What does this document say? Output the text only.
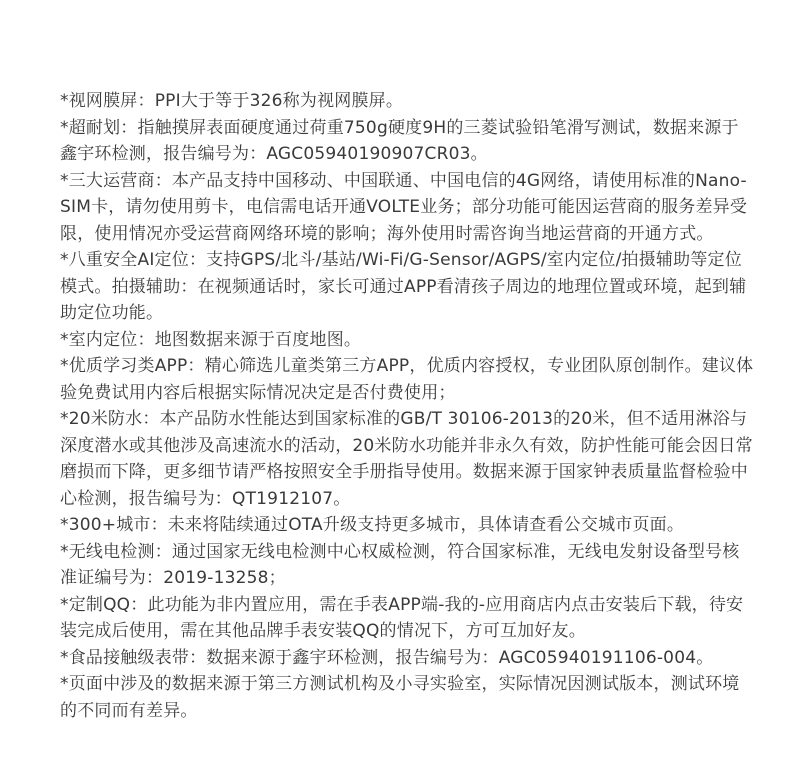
*视网膜屏：PPI大于等于326称为视网膜屏。
*超耐划：指触摸屏表面硬度通过荷重750g硬度9H的三菱试验铅笔滑写测试，数据来源于鑫宇环检测，报告编号为：AGC05940190907CR03。
*三大运营商：本产品支持中国移动、中国联通、中国电信的4G网络，请使用标准的Nano-SIM卡，请勿使用剪卡，电信需电话开通VOLTE业务；部分功能可能因运营商的服务差异受限，使用情况亦受运营商网络环境的影响；海外使用时需咨询当地运营商的开通方式。
*八重安全AI定位：支持GPS/北斗/基站/Wi-Fi/G-Sensor/AGPS/室内定位/拍摄辅助等定位模式。拍摄辅助：在视频通话时，家长可通过APP看清孩子周边的地理位置或环境，起到辅助定位功能。
*室内定位：地图数据来源于百度地图。
*优质学习类APP：精心筛选儿童类第三方APP，优质内容授权，专业团队原创制作。建议体验免费试用内容后根据实际情况决定是否付费使用；
*20米防水：本产品防水性能达到国家标准的GB/T 30106-2013的20米，但不适用淋浴与深度潜水或其他涉及高速流水的活动，20米防水功能并非永久有效，防护性能可能会因日常磨损而下降，更多细节请严格按照安全手册指导使用。数据来源于国家钟表质量监督检验中心检测，报告编号为：QT1912107。
*300+城市：未来将陆续通过OTA升级支持更多城市，具体请查看公交城市页面。
*无线电检测：通过国家无线电检测中心权威检测，符合国家标准，无线电发射设备型号核准证编号为：2019-13258；
*定制QQ：此功能为非内置应用，需在手表APP端-我的-应用商店内点击安装后下载，待安装完成后使用，需在其他品牌手表安装QQ的情况下，方可互加好友。
*食品接触级表带：数据来源于鑫宇环检测，报告编号为：AGC05940191106-004。
*页面中涉及的数据来源于第三方测试机构及小寻实验室，实际情况因测试版本，测试环境的不同而有差异。
